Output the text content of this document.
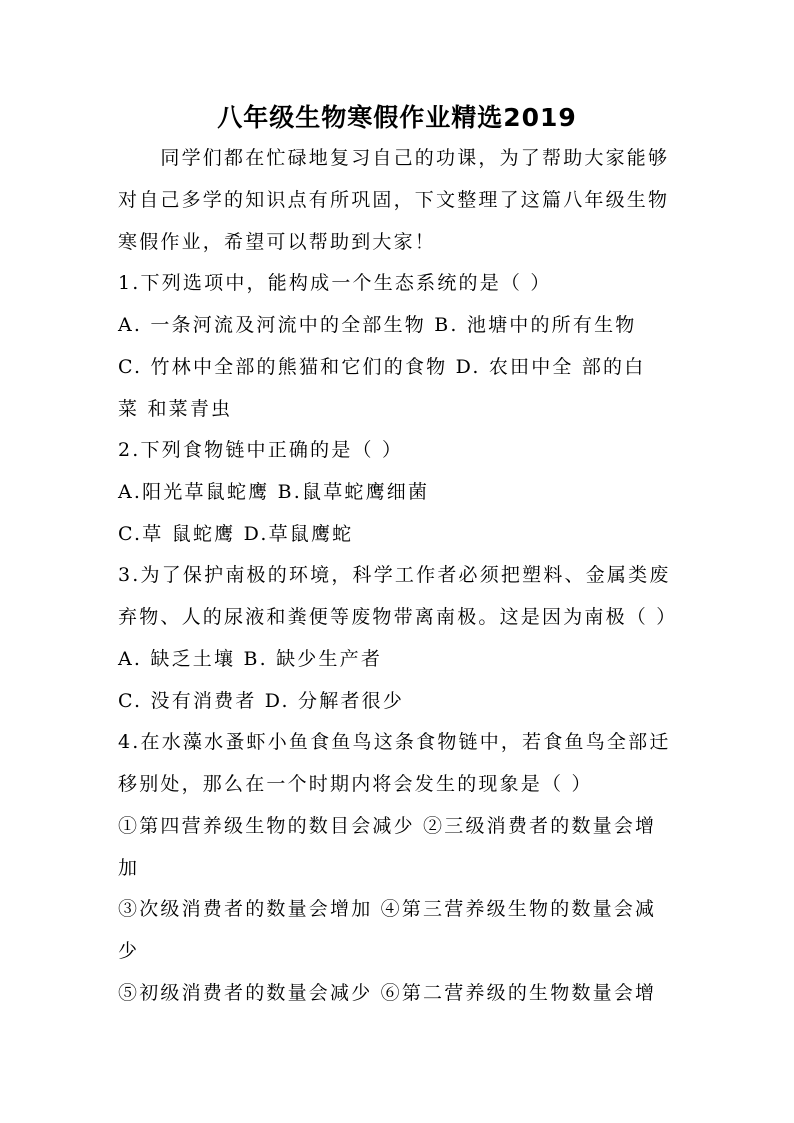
八年级生物寒假作业精选2019
　　同学们都在忙碌地复习自己的功课，为了帮助大家能够
对自己多学的知识点有所巩固，下文整理了这篇八年级生物
寒假作业，希望可以帮助到大家！
1.下列选项中，能构成一个生态系统的是（ ）
A. 一条河流及河流中的全部生物 B. 池塘中的所有生物
C. 竹林中全部的熊猫和它们的食物 D. 农田中全 部的白
菜 和菜青虫
2.下列食物链中正确的是（ ）
A.阳光草鼠蛇鹰 B.鼠草蛇鹰细菌
C.草 鼠蛇鹰 D.草鼠鹰蛇
3.为了保护南极的环境，科学工作者必须把塑料、金属类废
弃物、人的尿液和粪便等废物带离南极。这是因为南极（ ）
A. 缺乏土壤 B. 缺少生产者
C. 没有消费者 D. 分解者很少
4.在水藻水蚤虾小鱼食鱼鸟这条食物链中，若食鱼鸟全部迁
移别处，那么在一个时期内将会发生的现象是（ ）
①第四营养级生物的数目会减少 ②三级消费者的数量会增
加
③次级消费者的数量会增加 ④第三营养级生物的数量会减
少
⑤初级消费者的数量会减少 ⑥第二营养级的生物数量会增
